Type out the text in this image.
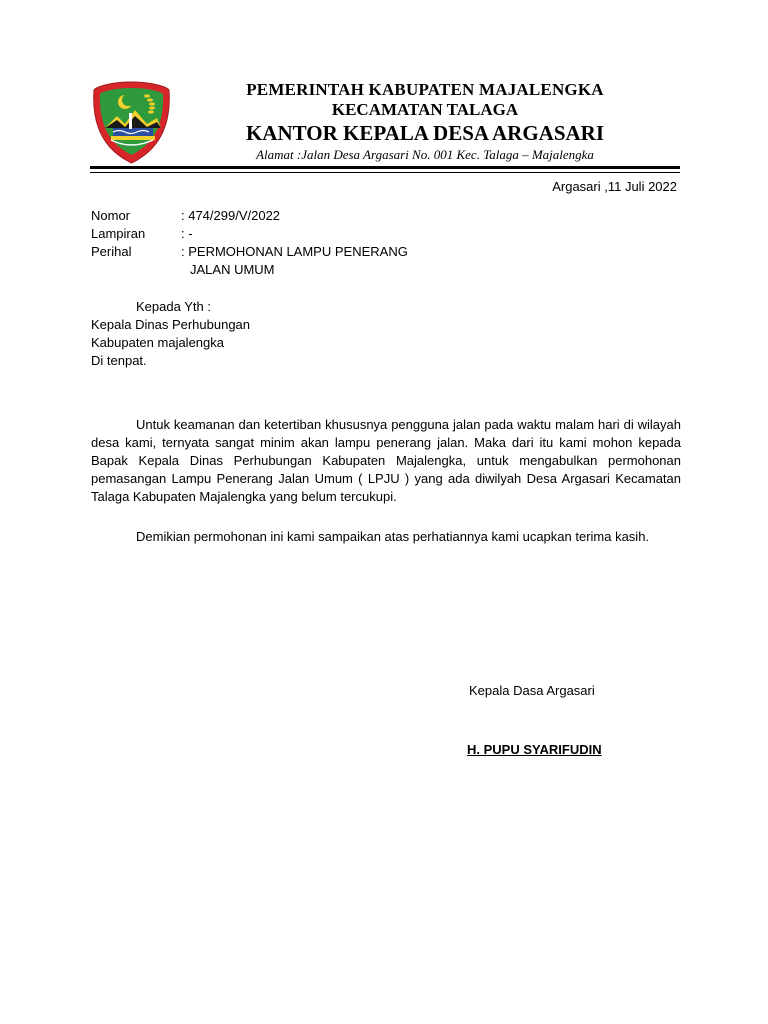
PEMERINTAH KABUPATEN MAJALENGKA
KECAMATAN TALAGA
KANTOR KEPALA DESA ARGASARI
Alamat :Jalan Desa Argasari No. 001 Kec. Talaga – Majalengka
Argasari ,11 Juli 2022
Nomor	: 474/299/V/2022
Lampiran	: -
Perihal	: PERMOHONAN LAMPU PENERANG
JALAN UMUM
Kepada Yth :
Kepala Dinas Perhubungan
Kabupaten majalengka
Di tenpat.
Untuk keamanan dan ketertiban khususnya pengguna jalan pada waktu malam hari di wilayah desa kami, ternyata sangat minim akan lampu penerang jalan. Maka dari itu kami mohon kepada Bapak Kepala Dinas Perhubungan Kabupaten Majalengka, untuk mengabulkan permohonan pemasangan Lampu Penerang Jalan Umum ( LPJU ) yang ada diwilyah Desa Argasari Kecamatan Talaga Kabupaten Majalengka yang belum tercukupi.
Demikian permohonan ini kami sampaikan atas perhatiannya kami ucapkan terima kasih.
Kepala Dasa Argasari
H. PUPU SYARIFUDIN
